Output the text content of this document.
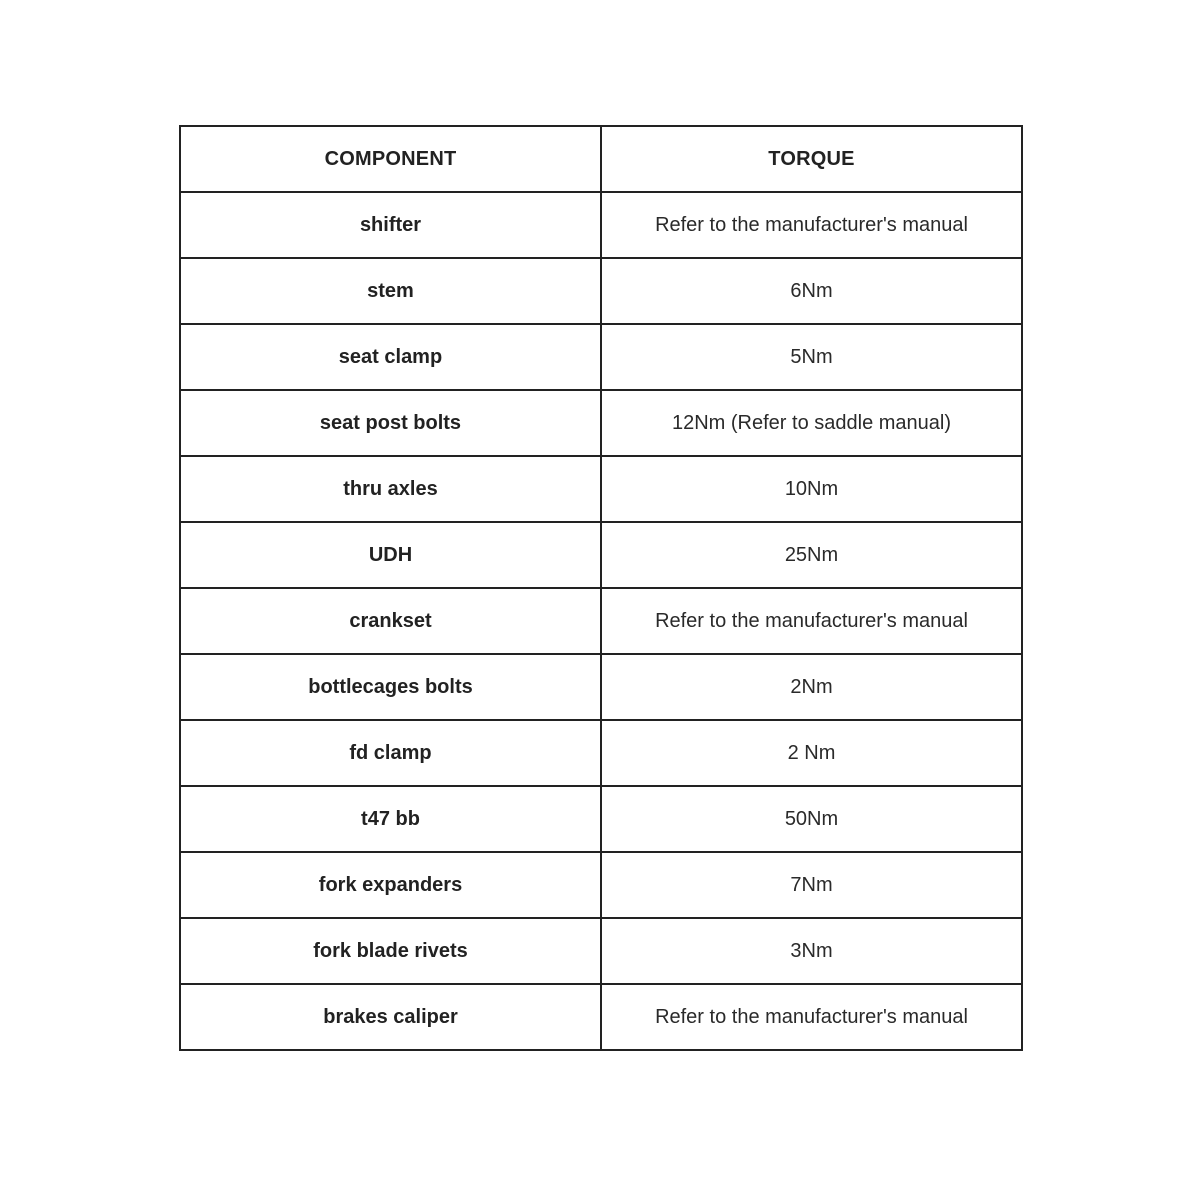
COMPONENT	TORQUE
shifter	Refer to the manufacturer's manual
stem	6Nm
seat clamp	5Nm
seat post bolts	12Nm (Refer to saddle manual)
thru axles	10Nm
UDH	25Nm
crankset	Refer to the manufacturer's manual
bottlecages bolts	2Nm
fd clamp	2 Nm
t47 bb	50Nm
fork expanders	7Nm
fork blade rivets	3Nm
brakes caliper	Refer to the manufacturer's manual
